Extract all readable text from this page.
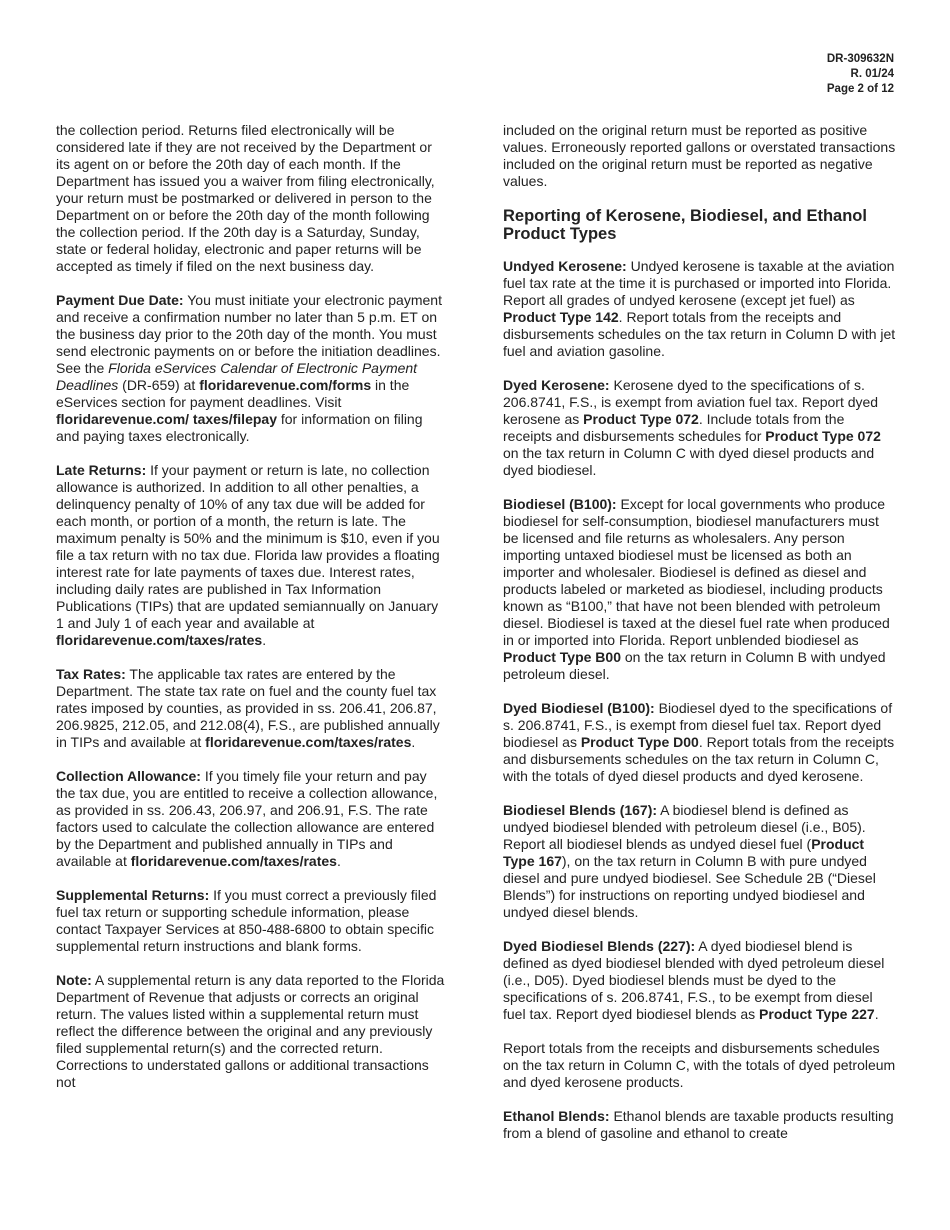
DR-309632N
R. 01/24
Page 2 of 12

the collection period. Returns filed electronically will be considered late if they are not received by the Department or its agent on or before the 20th day of each month. If the Department has issued you a waiver from filing electronically, your return must be postmarked or delivered in person to the Department on or before the 20th day of the month following the collection period. If the 20th day is a Saturday, Sunday, state or federal holiday, electronic and paper returns will be accepted as timely if filed on the next business day.

Payment Due Date: You must initiate your electronic payment and receive a confirmation number no later than 5 p.m. ET on the business day prior to the 20th day of the month. You must send electronic payments on or before the initiation deadlines. See the Florida eServices Calendar of Electronic Payment Deadlines (DR-659) at floridarevenue.com/forms in the eServices section for payment deadlines. Visit floridarevenue.com/ taxes/filepay for information on filing and paying taxes electronically.

Late Returns: If your payment or return is late, no collection allowance is authorized. In addition to all other penalties, a delinquency penalty of 10% of any tax due will be added for each month, or portion of a month, the return is late. The maximum penalty is 50% and the minimum is $10, even if you file a tax return with no tax due. Florida law provides a floating interest rate for late payments of taxes due. Interest rates, including daily rates are published in Tax Information Publications (TIPs) that are updated semiannually on January 1 and July 1 of each year and available at floridarevenue.com/taxes/rates.

Tax Rates: The applicable tax rates are entered by the Department. The state tax rate on fuel and the county fuel tax rates imposed by counties, as provided in ss. 206.41, 206.87, 206.9825, 212.05, and 212.08(4), F.S., are published annually in TIPs and available at floridarevenue.com/taxes/rates.

Collection Allowance: If you timely file your return and pay the tax due, you are entitled to receive a collection allowance, as provided in ss. 206.43, 206.97, and 206.91, F.S. The rate factors used to calculate the collection allowance are entered by the Department and published annually in TIPs and available at floridarevenue.com/taxes/rates.

Supplemental Returns: If you must correct a previously filed fuel tax return or supporting schedule information, please contact Taxpayer Services at 850-488-6800 to obtain specific supplemental return instructions and blank forms.

Note: A supplemental return is any data reported to the Florida Department of Revenue that adjusts or corrects an original return. The values listed within a supplemental return must reflect the difference between the original and any previously filed supplemental return(s) and the corrected return. Corrections to understated gallons or additional transactions not

included on the original return must be reported as positive values. Erroneously reported gallons or overstated transactions included on the original return must be reported as negative values.

Reporting of Kerosene, Biodiesel, and Ethanol Product Types

Undyed Kerosene: Undyed kerosene is taxable at the aviation fuel tax rate at the time it is purchased or imported into Florida. Report all grades of undyed kerosene (except jet fuel) as Product Type 142. Report totals from the receipts and disbursements schedules on the tax return in Column D with jet fuel and aviation gasoline.

Dyed Kerosene: Kerosene dyed to the specifications of s. 206.8741, F.S., is exempt from aviation fuel tax. Report dyed kerosene as Product Type 072. Include totals from the receipts and disbursements schedules for Product Type 072 on the tax return in Column C with dyed diesel products and dyed biodiesel.

Biodiesel (B100): Except for local governments who produce biodiesel for self-consumption, biodiesel manufacturers must be licensed and file returns as wholesalers. Any person importing untaxed biodiesel must be licensed as both an importer and wholesaler. Biodiesel is defined as diesel and products labeled or marketed as biodiesel, including products known as “B100,” that have not been blended with petroleum diesel. Biodiesel is taxed at the diesel fuel rate when produced in or imported into Florida. Report unblended biodiesel as Product Type B00 on the tax return in Column B with undyed petroleum diesel.

Dyed Biodiesel (B100): Biodiesel dyed to the specifications of s. 206.8741, F.S., is exempt from diesel fuel tax. Report dyed biodiesel as Product Type D00. Report totals from the receipts and disbursements schedules on the tax return in Column C, with the totals of dyed diesel products and dyed kerosene.

Biodiesel Blends (167): A biodiesel blend is defined as undyed biodiesel blended with petroleum diesel (i.e., B05). Report all biodiesel blends as undyed diesel fuel (Product Type 167), on the tax return in Column B with pure undyed diesel and pure undyed biodiesel. See Schedule 2B (“Diesel Blends”) for instructions on reporting undyed biodiesel and undyed diesel blends.

Dyed Biodiesel Blends (227): A dyed biodiesel blend is defined as dyed biodiesel blended with dyed petroleum diesel (i.e., D05). Dyed biodiesel blends must be dyed to the specifications of s. 206.8741, F.S., to be exempt from diesel fuel tax. Report dyed biodiesel blends as Product Type 227.

Report totals from the receipts and disbursements schedules on the tax return in Column C, with the totals of dyed petroleum and dyed kerosene products.

Ethanol Blends: Ethanol blends are taxable products resulting from a blend of gasoline and ethanol to create
